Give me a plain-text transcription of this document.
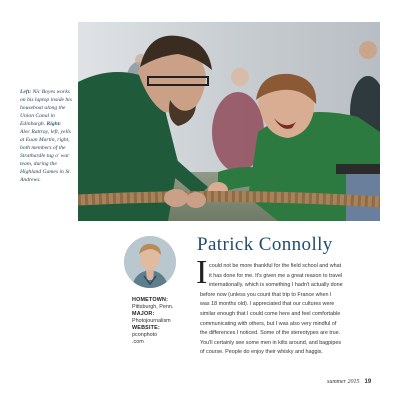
Left: Nic Boyes works on his laptop inside his houseboat along the Union Canal in Edinburgh. Right: Alec Rattray, left, yells at Euan Martin, right, both members of the Strathardle tug o' war team, during the Highland Games in St. Andrews.
HOMETOWN:
Pittsburgh, Penn.
MAJOR:
Photojournalism
WEBSITE:
pconphoto
.com
Patrick Connolly
I could not be more thankful for the field school and what
it has done for me. It's given me a great reason to travel
internationally, which is something I hadn't actually done
before now (unless you count that trip to France when I
was 18 months old). I appreciated that our cultures were
similar enough that I could come here and feel comfortable
communicating with others, but I was also very mindful of
the differences I noticed. Some of the stereotypes are true.
You'll certainly see some men in kilts around, and bagpipes
of course. People do enjoy their whisky and haggis.
summer 2015 19
